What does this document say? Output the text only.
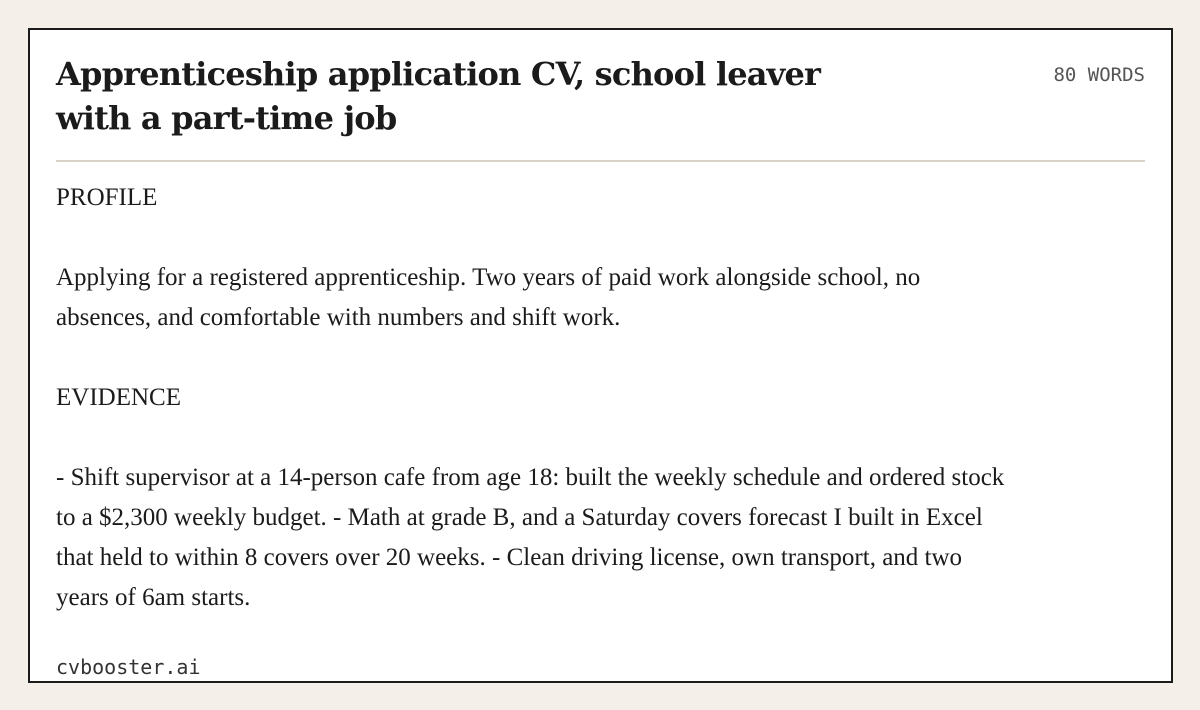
Apprenticeship application CV, school leaver with a part-time job
80 WORDS

PROFILE

Applying for a registered apprenticeship. Two years of paid work alongside school, no absences, and comfortable with numbers and shift work.

EVIDENCE

- Shift supervisor at a 14-person cafe from age 18: built the weekly schedule and ordered stock to a $2,300 weekly budget. - Math at grade B, and a Saturday covers forecast I built in Excel that held to within 8 covers over 20 weeks. - Clean driving license, own transport, and two years of 6am starts.

cvbooster.ai
